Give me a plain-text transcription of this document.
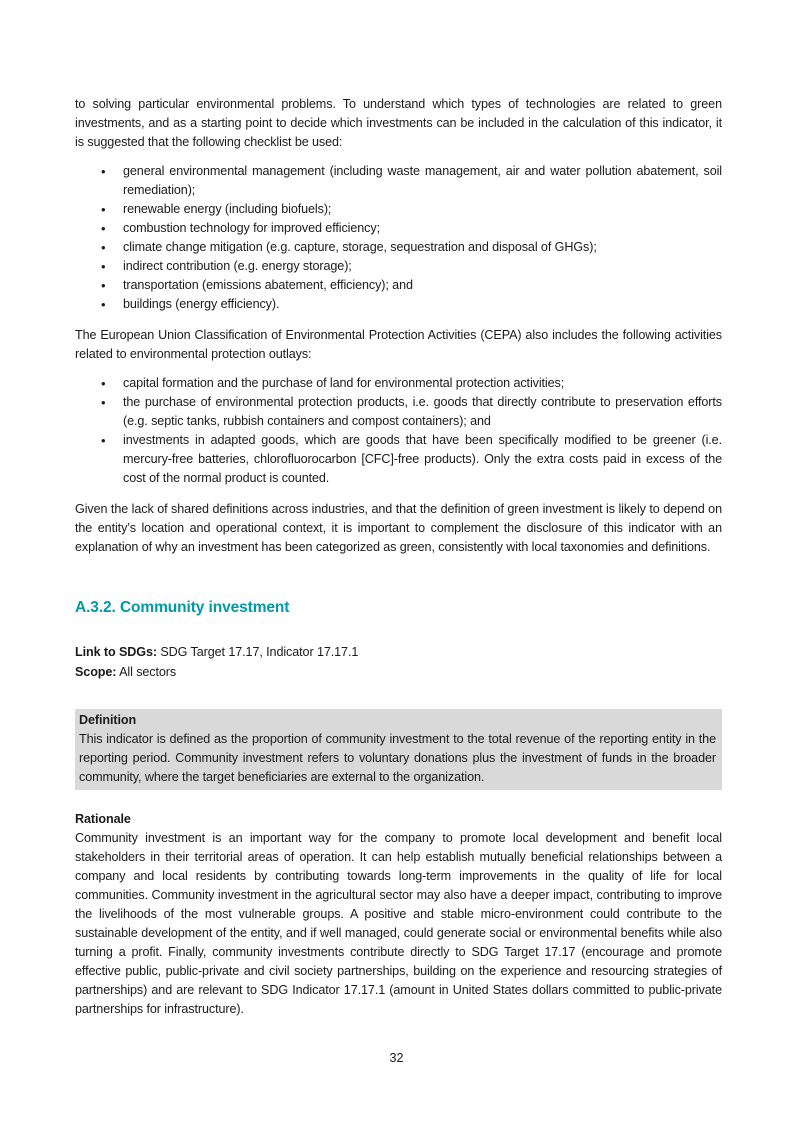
to solving particular environmental problems. To understand which types of technologies are related to green investments, and as a starting point to decide which investments can be included in the calculation of this indicator, it is suggested that the following checklist be used:

• general environmental management (including waste management, air and water pollution abatement, soil remediation);
• renewable energy (including biofuels);
• combustion technology for improved efficiency;
• climate change mitigation (e.g. capture, storage, sequestration and disposal of GHGs);
• indirect contribution (e.g. energy storage);
• transportation (emissions abatement, efficiency); and
• buildings (energy efficiency).

The European Union Classification of Environmental Protection Activities (CEPA) also includes the following activities related to environmental protection outlays:

• capital formation and the purchase of land for environmental protection activities;
• the purchase of environmental protection products, i.e. goods that directly contribute to preservation efforts (e.g. septic tanks, rubbish containers and compost containers); and
• investments in adapted goods, which are goods that have been specifically modified to be greener (i.e. mercury-free batteries, chlorofluorocarbon [CFC]-free products). Only the extra costs paid in excess of the cost of the normal product is counted.

Given the lack of shared definitions across industries, and that the definition of green investment is likely to depend on the entity’s location and operational context, it is important to complement the disclosure of this indicator with an explanation of why an investment has been categorized as green, consistently with local taxonomies and definitions.

A.3.2. Community investment

Link to SDGs: SDG Target 17.17, Indicator 17.17.1

Scope: All sectors

Definition
This indicator is defined as the proportion of community investment to the total revenue of the reporting entity in the reporting period. Community investment refers to voluntary donations plus the investment of funds in the broader community, where the target beneficiaries are external to the organization.

Rationale

Community investment is an important way for the company to promote local development and benefit local stakeholders in their territorial areas of operation. It can help establish mutually beneficial relationships between a company and local residents by contributing towards long-term improvements in the quality of life for local communities. Community investment in the agricultural sector may also have a deeper impact, contributing to improve the livelihoods of the most vulnerable groups. A positive and stable micro-environment could contribute to the sustainable development of the entity, and if well managed, could generate social or environmental benefits while also turning a profit. Finally, community investments contribute directly to SDG Target 17.17 (encourage and promote effective public, public-private and civil society partnerships, building on the experience and resourcing strategies of partnerships) and are relevant to SDG Indicator 17.17.1 (amount in United States dollars committed to public-private partnerships for infrastructure).

32
